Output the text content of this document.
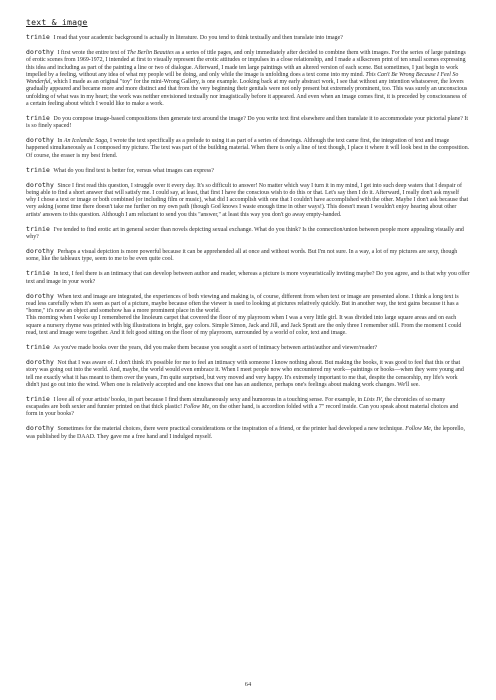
text & image

trinie I read that your academic background is actually in literature. Do you tend to think textually and then translate into image?

dorothy I first wrote the entire text of The Berlin Beauties as a series of title pages, and only immediately after decided to combine them with images. For the series of large paintings of erotic scenes from 1969-1972, I intended at first to visually represent the erotic attitudes or impulses in a close relationship, and I made a silkscreen print of ten small scenes expressing this idea and including as part of the painting a line or two of dialogue. Afterward, I made ten large paintings with an altered version of each scene. But sometimes, I just begin to work impelled by a feeling, without any idea of what my people will be doing, and only while the image is unfolding does a text come into my mind. This Can't Be Wrong Because I Feel So Wonderful, which I made as an original "toy" for the mini-Wrong Gallery, is one example. Looking back at my early abstract work, I see that without any intention whatsoever, the lovers gradually appeared and became more and more distinct and that from the very beginning their genitals were not only present but extremely prominent, too. This was surely an unconscious unfolding of what was in my heart; the work was neither envisioned textually nor imagistically before it appeared. And even when an image comes first, it is preceded by consciousness of a certain feeling about which I would like to make a work.

trinie Do you compose image-based compositions then generate text around the image? Do you write text first elsewhere and then translate it to accommodate your pictorial plane? It is so finely spaced!

dorothy In An Icelandic Saga, I wrote the text specifically as a prelude to using it as part of a series of drawings. Although the text came first, the integration of text and image happened simultaneously as I composed my picture. The text was part of the building material. When there is only a line of text though, I place it where it will look best in the composition. Of course, the eraser is my best friend.

trinie What do you find text is better for, versus what images can express?

dorothy Since I first read this question, I struggle over it every day. It's so difficult to answer! No matter which way I turn it in my mind, I get into such deep waters that I despair of being able to find a short answer that will satisfy me. I could say, at least, that first I have the conscious wish to do this or that. Let's say then I do it. Afterward, I really don't ask myself why I chose a text or image or both combined (or including film or music), what did I accomplish with one that I couldn't have accomplished with the other. Maybe I don't ask because that very asking (some time there doesn't take me further on my own path (though God knows I waste enough time in other ways!). This doesn't mean I wouldn't enjoy hearing about other artists' answers to this question. Although I am reluctant to send you this "answer," at least this way you don't go away empty-handed.

trinie I've tended to find erotic art in general sexier than novels depicting sexual exchange. What do you think? Is the connection/union between people more appealing visually and why?

dorothy Perhaps a visual depiction is more powerful because it can be apprehended all at once and without words. But I'm not sure. In a way, a lot of my pictures are sexy, though some, like the tableaux type, seem to me to be even quite cool.

trinie In text, I feel there is an intimacy that can develop between author and reader, whereas a picture is more voyeuristically inviting maybe? Do you agree, and is that why you offer text and image in your work?

dorothy When text and image are integrated, the experiences of both viewing and making is, of course, different from when text or image are presented alone. I think a long text is read less carefully when it's seen as part of a picture, maybe because often the viewer is used to looking at pictures relatively quickly. But in another way, the text gains because it has a "home," it's now an object and somehow has a more prominent place in the world.

This morning when I woke up I remembered the linoleum carpet that covered the floor of my playroom when I was a very little girl. It was divided into large square areas and on each square a nursery rhyme was printed with big illustrations in bright, gay colors. Simple Simon, Jack and Jill, and Jack Spratt are the only three I remember still. From the moment I could read, text and image were together. And it felt good sitting on the floor of my playroom, surrounded by a world of color, text and image.

trinie As you've made books over the years, did you make them because you sought a sort of intimacy between artist/author and viewer/reader?

dorothy Not that I was aware of. I don't think it's possible for me to feel an intimacy with someone I know nothing about. But making the books, it was good to feel that this or that story was going out into the world. And, maybe, the world would even embrace it. When I meet people now who encountered my work—paintings or books—when they were young and tell me exactly what it has meant to them over the years, I'm quite surprised, but very moved and very happy. It's extremely important to me that, despite the censorship, my life's work didn't just go out into the wind. When one is relatively accepted and one knows that one has an audience, perhaps one's feelings about making work changes. We'll see.

trinie I love all of your artists' books, in part because I find them simultaneously sexy and humorous in a touching sense. For example, in Lists IV, the chronicles of so many escapades are both sexier and funnier printed on that thick plastic! Follow Me, on the other hand, is accordion folded with a 7" record inside. Can you speak about material choices and form in your books?

dorothy Sometimes for the material choices, there were practical considerations or the inspiration of a friend, or the printer had developed a new technique. Follow Me, the leporello, was published by the DAAD. They gave me a free hand and I indulged myself.

64
